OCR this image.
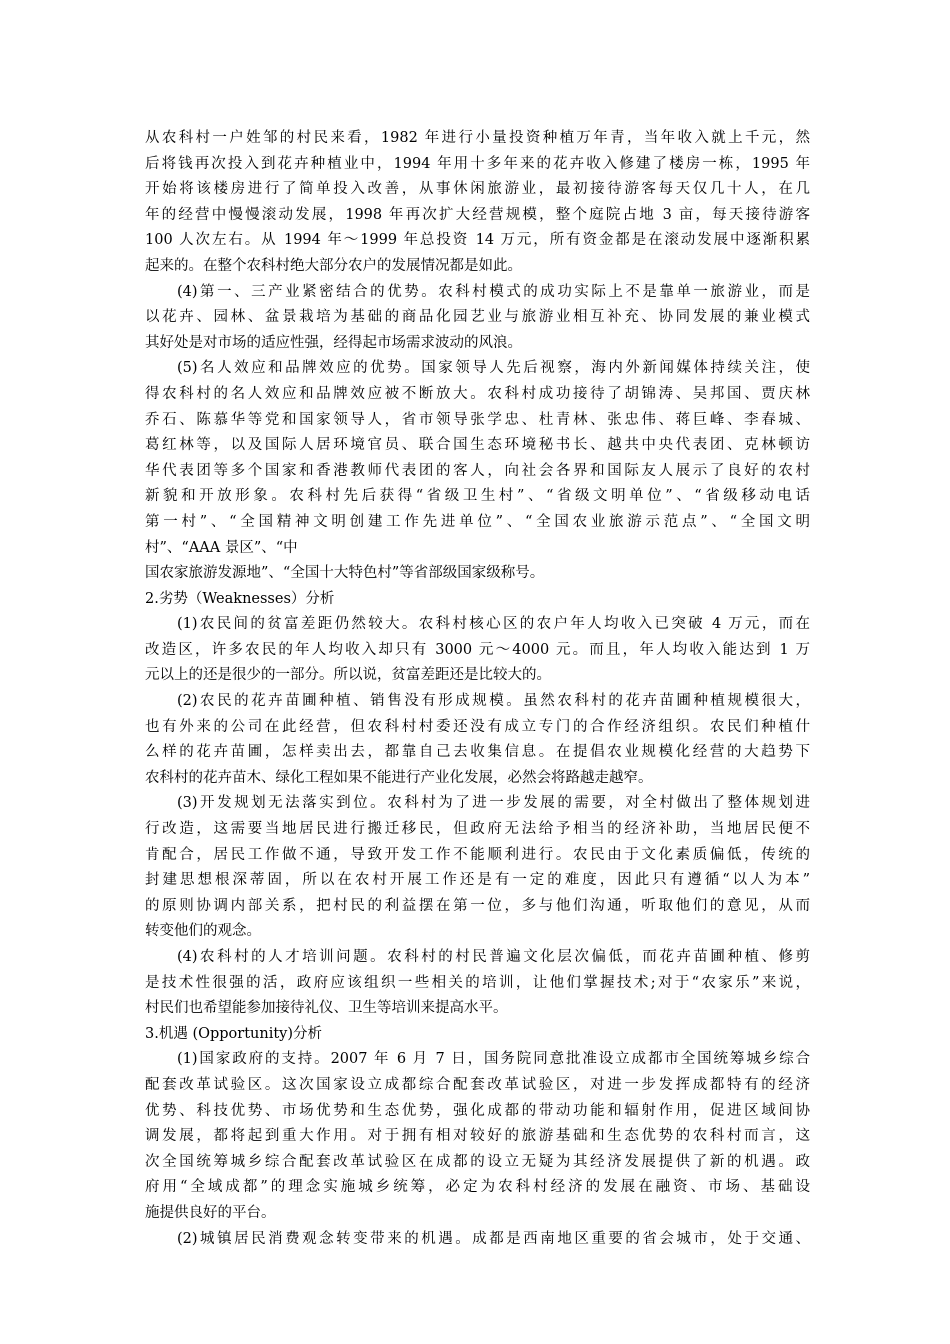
从农科村一户姓邹的村民来看，1982 年进行小量投资种植万年青，当年收入就上千元，然
后将钱再次投入到花卉种植业中，1994 年用十多年来的花卉收入修建了楼房一栋，1995 年
开始将该楼房进行了简单投入改善，从事休闲旅游业，最初接待游客每天仅几十人，在几
年的经营中慢慢滚动发展，1998 年再次扩大经营规模，整个庭院占地 3 亩，每天接待游客
100 人次左右。从 1994 年～1999 年总投资 14 万元，所有资金都是在滚动发展中逐渐积累
起来的。在整个农科村绝大部分农户的发展情况都是如此。
(4)第一、三产业紧密结合的优势。农科村模式的成功实际上不是靠单一旅游业，而是
以花卉、园林、盆景栽培为基础的商品化园艺业与旅游业相互补充、协同发展的兼业模式
其好处是对市场的适应性强，经得起市场需求波动的风浪。
(5)名人效应和品牌效应的优势。国家领导人先后视察，海内外新闻媒体持续关注，使
得农科村的名人效应和品牌效应被不断放大。农科村成功接待了胡锦涛、吴邦国、贾庆林
乔石、陈慕华等党和国家领导人，省市领导张学忠、杜青林、张忠伟、蒋巨峰、李春城、
葛红林等，以及国际人居环境官员、联合国生态环境秘书长、越共中央代表团、克林顿访
华代表团等多个国家和香港教师代表团的客人，向社会各界和国际友人展示了良好的农村
新貌和开放形象。农科村先后获得“省级卫生村”、“省级文明单位”、“省级移动电话
第一村”、“全国精神文明创建工作先进单位”、“全国农业旅游示范点”、“全国文明
村”、“AAA 景区”、“中
国农家旅游发源地”、“全国十大特色村”等省部级国家级称号。
2.劣势（Weaknesses）分析
(1)农民间的贫富差距仍然较大。农科村核心区的农户年人均收入已突破 4 万元，而在
改造区，许多农民的年人均收入却只有 3000 元～4000 元。而且，年人均收入能达到 1 万
元以上的还是很少的一部分。所以说，贫富差距还是比较大的。
(2)农民的花卉苗圃种植、销售没有形成规模。虽然农科村的花卉苗圃种植规模很大，
也有外来的公司在此经营，但农科村村委还没有成立专门的合作经济组织。农民们种植什
么样的花卉苗圃，怎样卖出去，都靠自己去收集信息。在提倡农业规模化经营的大趋势下
农科村的花卉苗木、绿化工程如果不能进行产业化发展，必然会将路越走越窄。
(3)开发规划无法落实到位。农科村为了进一步发展的需要，对全村做出了整体规划进
行改造，这需要当地居民进行搬迁移民，但政府无法给予相当的经济补助，当地居民便不
肯配合，居民工作做不通，导致开发工作不能顺利进行。农民由于文化素质偏低，传统的
封建思想根深蒂固，所以在农村开展工作还是有一定的难度，因此只有遵循“以人为本”
的原则协调内部关系，把村民的利益摆在第一位，多与他们沟通，听取他们的意见，从而
转变他们的观念。
(4)农科村的人才培训问题。农科村的村民普遍文化层次偏低，而花卉苗圃种植、修剪
是技术性很强的活，政府应该组织一些相关的培训，让他们掌握技术;对于“农家乐”来说，
村民们也希望能参加接待礼仪、卫生等培训来提高水平。
3.机遇 (Opportunity)分析
(1)国家政府的支持。2007 年 6 月 7 日，国务院同意批准设立成都市全国统筹城乡综合
配套改革试验区。这次国家设立成都综合配套改革试验区，对进一步发挥成都特有的经济
优势、科技优势、市场优势和生态优势，强化成都的带动功能和辐射作用，促进区域间协
调发展，都将起到重大作用。对于拥有相对较好的旅游基础和生态优势的农科村而言，这
次全国统筹城乡综合配套改革试验区在成都的设立无疑为其经济发展提供了新的机遇。政
府用“全域成都”的理念实施城乡统筹，必定为农科村经济的发展在融资、市场、基础设
施提供良好的平台。
(2)城镇居民消费观念转变带来的机遇。成都是西南地区重要的省会城市，处于交通、
